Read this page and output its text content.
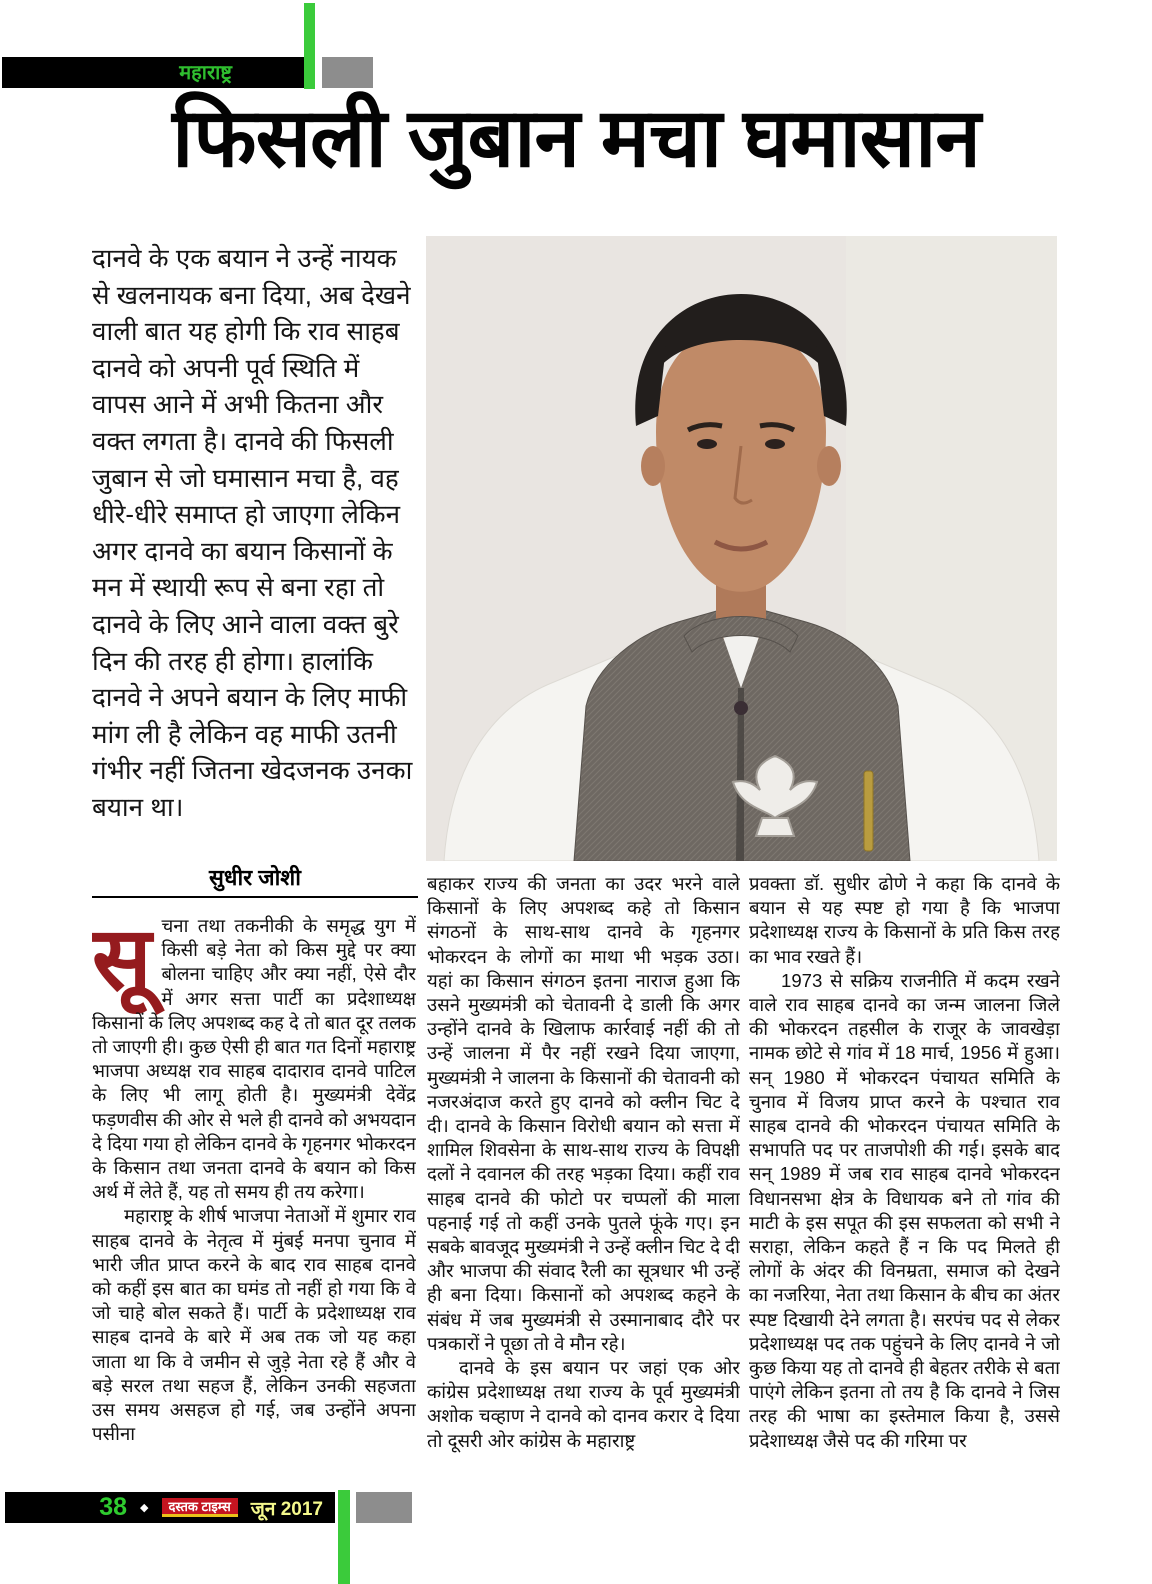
महाराष्ट्र
फिसली जुबान मचा घमासान
दानवे के एक बयान ने उन्हें नायक से खलनायक बना दिया, अब देखने वाली बात यह होगी कि राव साहब दानवे को अपनी पूर्व स्थिति में वापस आने में अभी कितना और वक्त लगता है। दानवे की फिसली जुबान से जो घमासान मचा है, वह धीरे-धीरे समाप्त हो जाएगा लेकिन अगर दानवे का बयान किसानों के मन में स्थायी रूप से बना रहा तो दानवे के लिए आने वाला वक्त बुरे दिन की तरह ही होगा। हालांकि दानवे ने अपने बयान के लिए माफी मांग ली है लेकिन वह माफी उतनी गंभीर नहीं जितना खेदजनक उनका बयान था।
सुधीर जोशी

सूचना तथा तकनीकी के समृद्ध युग में किसी बड़े नेता को किस मुद्दे पर क्या बोलना चाहिए और क्या नहीं, ऐसे दौर में अगर सत्ता पार्टी का प्रदेशाध्यक्ष किसानों के लिए अपशब्द कह दे तो बात दूर तलक तो जाएगी ही। कुछ ऐसी ही बात गत दिनों महाराष्ट्र भाजपा अध्यक्ष राव साहब दादाराव दानवे पाटिल के लिए भी लागू होती है। मुख्यमंत्री देवेंद्र फड़णवीस की ओर से भले ही दानवे को अभयदान दे दिया गया हो लेकिन दानवे के गृहनगर भोकरदन के किसान तथा जनता दानवे के बयान को किस अर्थ में लेते हैं, यह तो समय ही तय करेगा।

महाराष्ट्र के शीर्ष भाजपा नेताओं में शुमार राव साहब दानवे के नेतृत्व में मुंबई मनपा चुनाव में भारी जीत प्राप्त करने के बाद राव साहब दानवे को कहीं इस बात का घमंड तो नहीं हो गया कि वे जो चाहे बोल सकते हैं। पार्टी के प्रदेशाध्यक्ष राव साहब दानवे के बारे में अब तक जो यह कहा जाता था कि वे जमीन से जुड़े नेता रहे हैं और वे बड़े सरल तथा सहज हैं, लेकिन उनकी सहजता उस समय असहज हो गई, जब उन्होंने अपना पसीना

बहाकर राज्य की जनता का उदर भरने वाले किसानों के लिए अपशब्द कहे तो किसान संगठनों के साथ-साथ दानवे के गृहनगर भोकरदन के लोगों का माथा भी भड़क उठा। यहां का किसान संगठन इतना नाराज हुआ कि उसने मुख्यमंत्री को चेतावनी दे डाली कि अगर उन्होंने दानवे के खिलाफ कार्रवाई नहीं की तो उन्हें जालना में पैर नहीं रखने दिया जाएगा, मुख्यमंत्री ने जालना के किसानों की चेतावनी को नजरअंदाज करते हुए दानवे को क्लीन चिट दे दी। दानवे के किसान विरोधी बयान को सत्ता में शामिल शिवसेना के साथ-साथ राज्य के विपक्षी दलों ने दवानल की तरह भड़का दिया। कहीं राव साहब दानवे की फोटो पर चप्पलों की माला पहनाई गई तो कहीं उनके पुतले फूंके गए। इन सबके बावजूद मुख्यमंत्री ने उन्हें क्लीन चिट दे दी और भाजपा की संवाद रैली का सूत्रधार भी उन्हें ही बना दिया। किसानों को अपशब्द कहने के संबंध में जब मुख्यमंत्री से उस्मानाबाद दौरे पर पत्रकारों ने पूछा तो वे मौन रहे।

दानवे के इस बयान पर जहां एक ओर कांग्रेस प्रदेशाध्यक्ष तथा राज्य के पूर्व मुख्यमंत्री अशोक चव्हाण ने दानवे को दानव करार दे दिया तो दूसरी ओर कांग्रेस के महाराष्ट्र

प्रवक्ता डॉ. सुधीर ढोणे ने कहा कि दानवे के बयान से यह स्पष्ट हो गया है कि भाजपा प्रदेशाध्यक्ष राज्य के किसानों के प्रति किस तरह का भाव रखते हैं।

1973 से सक्रिय राजनीति में कदम रखने वाले राव साहब दानवे का जन्म जालना जिले की भोकरदन तहसील के राजूर के जावखेड़ा नामक छोटे से गांव में 18 मार्च, 1956 में हुआ। सन् 1980 में भोकरदन पंचायत समिति के चुनाव में विजय प्राप्त करने के पश्चात राव साहब दानवे की भोकरदन पंचायत समिति के सभापति पद पर ताजपोशी की गई। इसके बाद सन् 1989 में जब राव साहब दानवे भोकरदन विधानसभा क्षेत्र के विधायक बने तो गांव की माटी के इस सपूत की इस सफलता को सभी ने सराहा, लेकिन कहते हैं न कि पद मिलते ही लोगों के अंदर की विनम्रता, समाज को देखने का नजरिया, नेता तथा किसान के बीच का अंतर स्पष्ट दिखायी देने लगता है। सरपंच पद से लेकर प्रदेशाध्यक्ष पद तक पहुंचने के लिए दानवे ने जो कुछ किया यह तो दानवे ही बेहतर तरीके से बता पाएंगे लेकिन इतना तो तय है कि दानवे ने जिस तरह की भाषा का इस्तेमाल किया है, उससे प्रदेशाध्यक्ष जैसे पद की गरिमा पर

38 ◆	दस्तक टाइम्स	जून 2017
